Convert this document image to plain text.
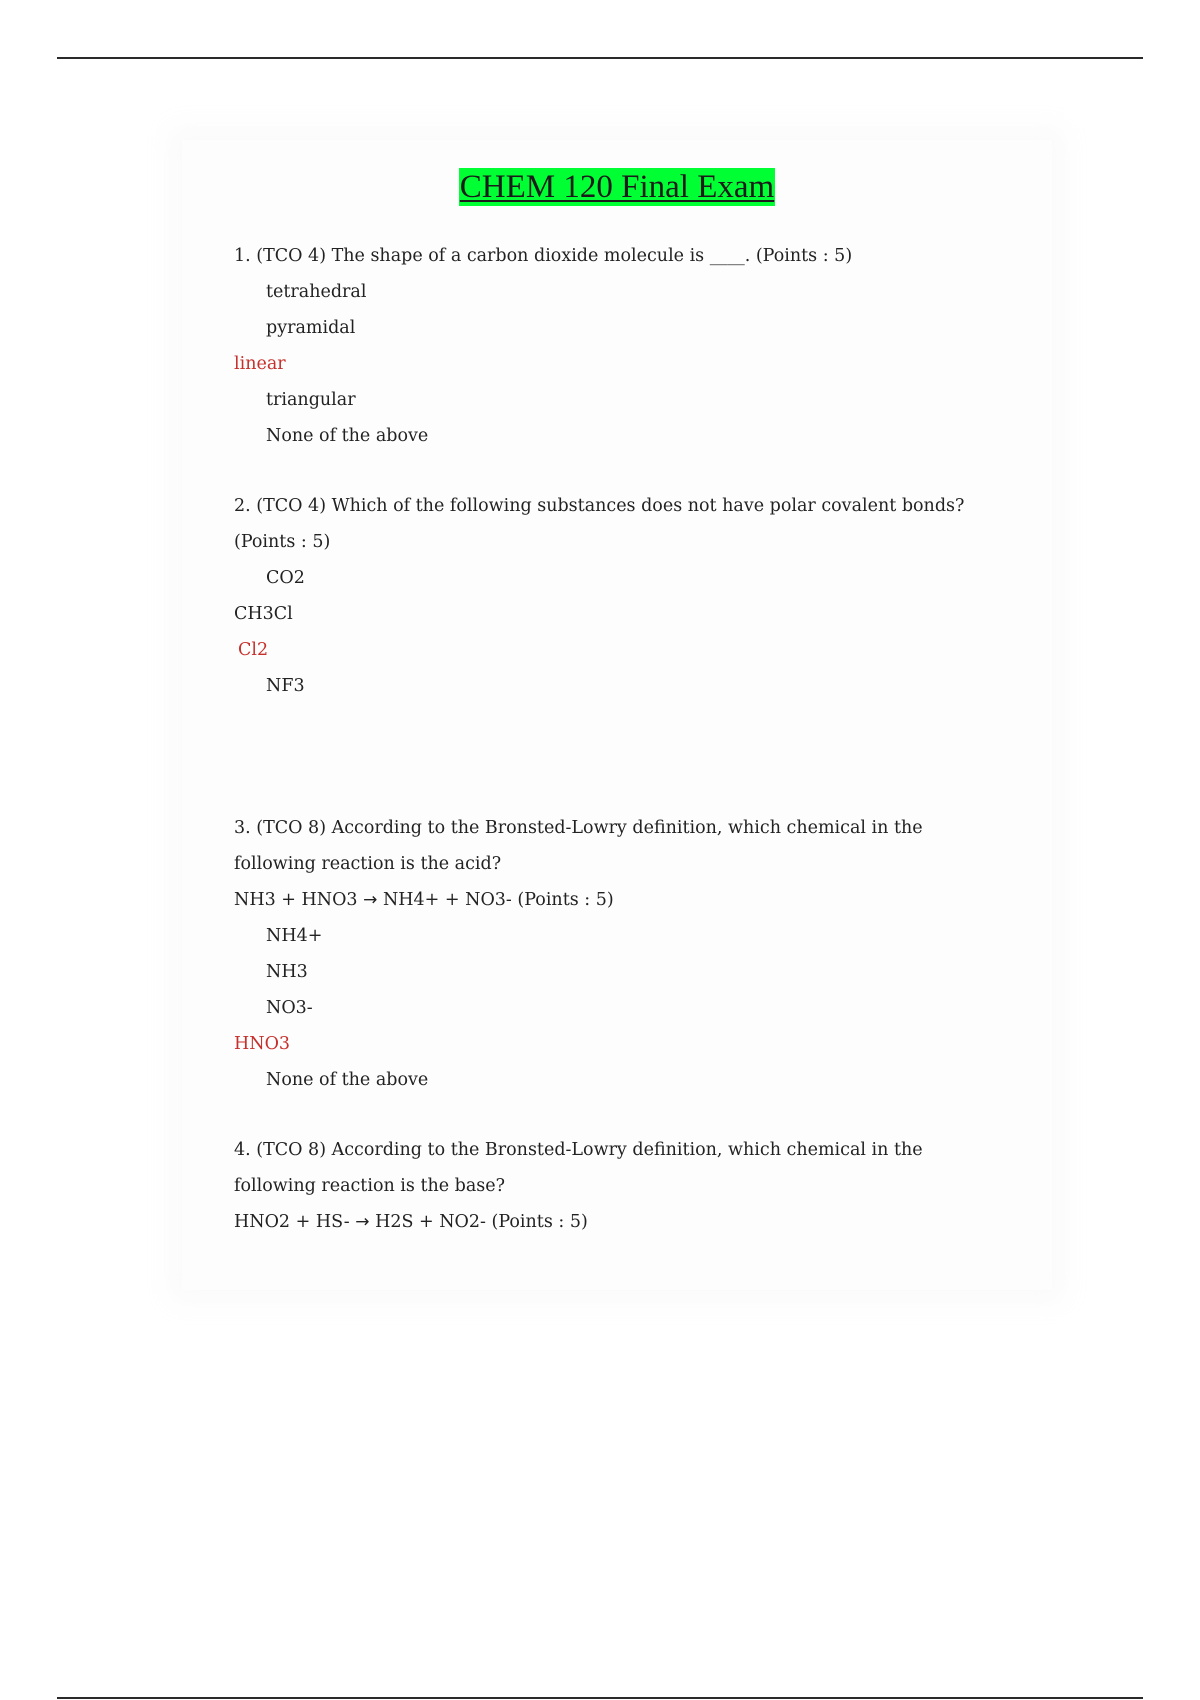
CHEM 120 Final Exam
1. (TCO 4) The shape of a carbon dioxide molecule is ____. (Points : 5)
tetrahedral
pyramidal
linear
triangular
None of the above
2. (TCO 4) Which of the following substances does not have polar covalent bonds?
(Points : 5)
CO2
CH3Cl
Cl2
NF3
3. (TCO 8) According to the Bronsted-Lowry definition, which chemical in the
following reaction is the acid?
NH3 + HNO3 → NH4+ + NO3- (Points : 5)
NH4+
NH3
NO3-
HNO3
None of the above
4. (TCO 8) According to the Bronsted-Lowry definition, which chemical in the
following reaction is the base?
HNO2 + HS- → H2S + NO2- (Points : 5)
